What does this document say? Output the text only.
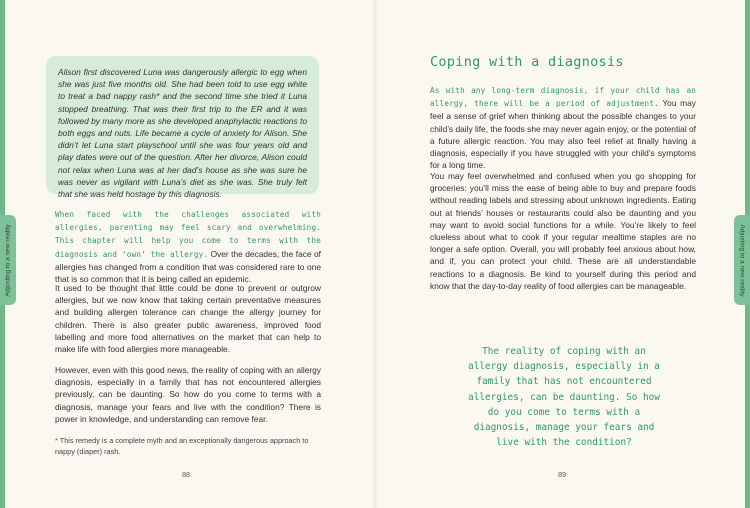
Adjusting to a new reality	Adjusting to a new reality
Alison first discovered Luna was dangerously allergic to egg when she was just five months old. She had been told to use egg white to treat a bad nappy rash* and the second time she tried it Luna stopped breathing. That was their first trip to the ER and it was followed by many more as she developed anaphylactic reactions to both eggs and nuts. Life became a cycle of anxiety for Alison. She didn’t let Luna start playschool until she was four years old and play dates were out of the question. After her divorce, Alison could not relax when Luna was at her dad’s house as she was sure he was never as vigilant with Luna’s diet as she was. She truly felt that she was held hostage by this diagnosis.
When faced with the challenges associated with allergies, parenting may feel scary and overwhelming. This chapter will help you come to terms with the diagnosis and ‘own’ the allergy. Over the decades, the face of allergies has changed from a condition that was considered rare to one that is so common that it is being called an epidemic.
It used to be thought that little could be done to prevent or outgrow allergies, but we now know that taking certain preventative measures and building allergen tolerance can change the allergy journey for children. There is also greater public awareness, improved food labelling and more food alternatives on the market that can help to make life with food allergies more manageable.
However, even with this good news, the reality of coping with an allergy diagnosis, especially in a family that has not encountered allergies previously, can be daunting. So how do you come to terms with a diagnosis, manage your fears and live with the condition? There is power in knowledge, and understanding can remove fear.
* This remedy is a complete myth and an exceptionally dangerous approach to nappy (diaper) rash.
88
Coping with a diagnosis
As with any long-term diagnosis, if your child has an allergy, there will be a period of adjustment. You may feel a sense of grief when thinking about the possible changes to your child’s daily life, the foods she may never again enjoy, or the potential of a future allergic reaction. You may also feel relief at finally having a diagnosis, especially if you have struggled with your child’s symptoms for a long time.
You may feel overwhelmed and confused when you go shopping for groceries: you’ll miss the ease of being able to buy and prepare foods without reading labels and stressing about unknown ingredients. Eating out at friends’ houses or restaurants could also be daunting and you may want to avoid social functions for a while. You’re likely to feel clueless about what to cook if your regular mealtime staples are no longer a safe option. Overall, you will probably feel anxious about how, and if, you can protect your child. These are all understandable reactions to a diagnosis. Be kind to yourself during this period and know that the day-to-day reality of food allergies can be manageable.
The reality of coping with an allergy diagnosis, especially in a family that has not encountered allergies, can be daunting. So how do you come to terms with a diagnosis, manage your fears and live with the condition?
89
